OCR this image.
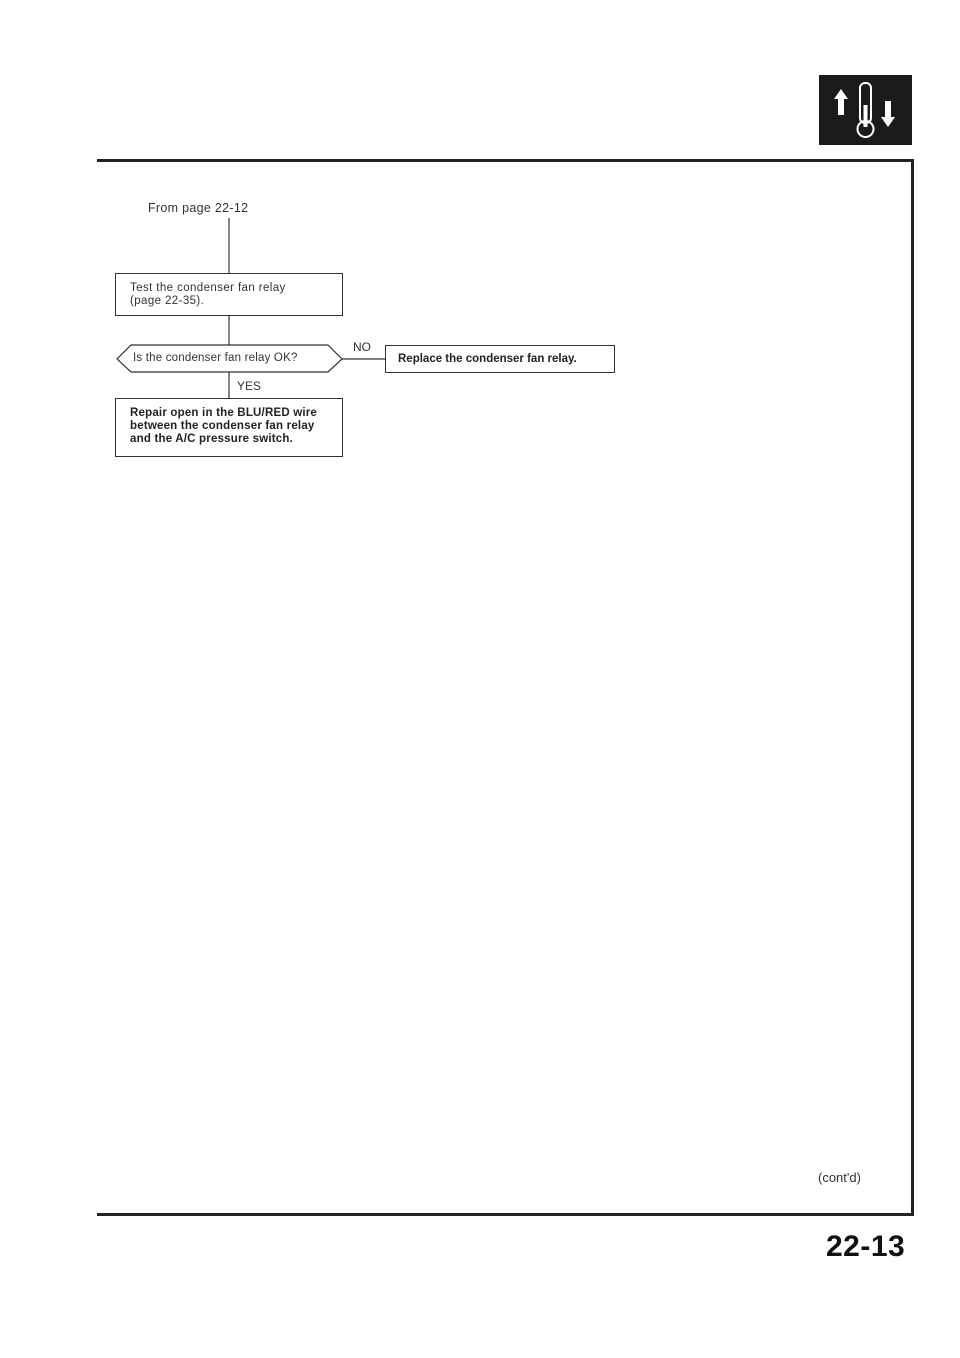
From page 22-12
Test the condenser fan relay
(page 22-35).
Is the condenser fan relay OK?
NO
Replace the condenser fan relay.
YES
Repair open in the BLU/RED wire
between the condenser fan relay
and the A/C pressure switch.
(cont'd)
22-13
